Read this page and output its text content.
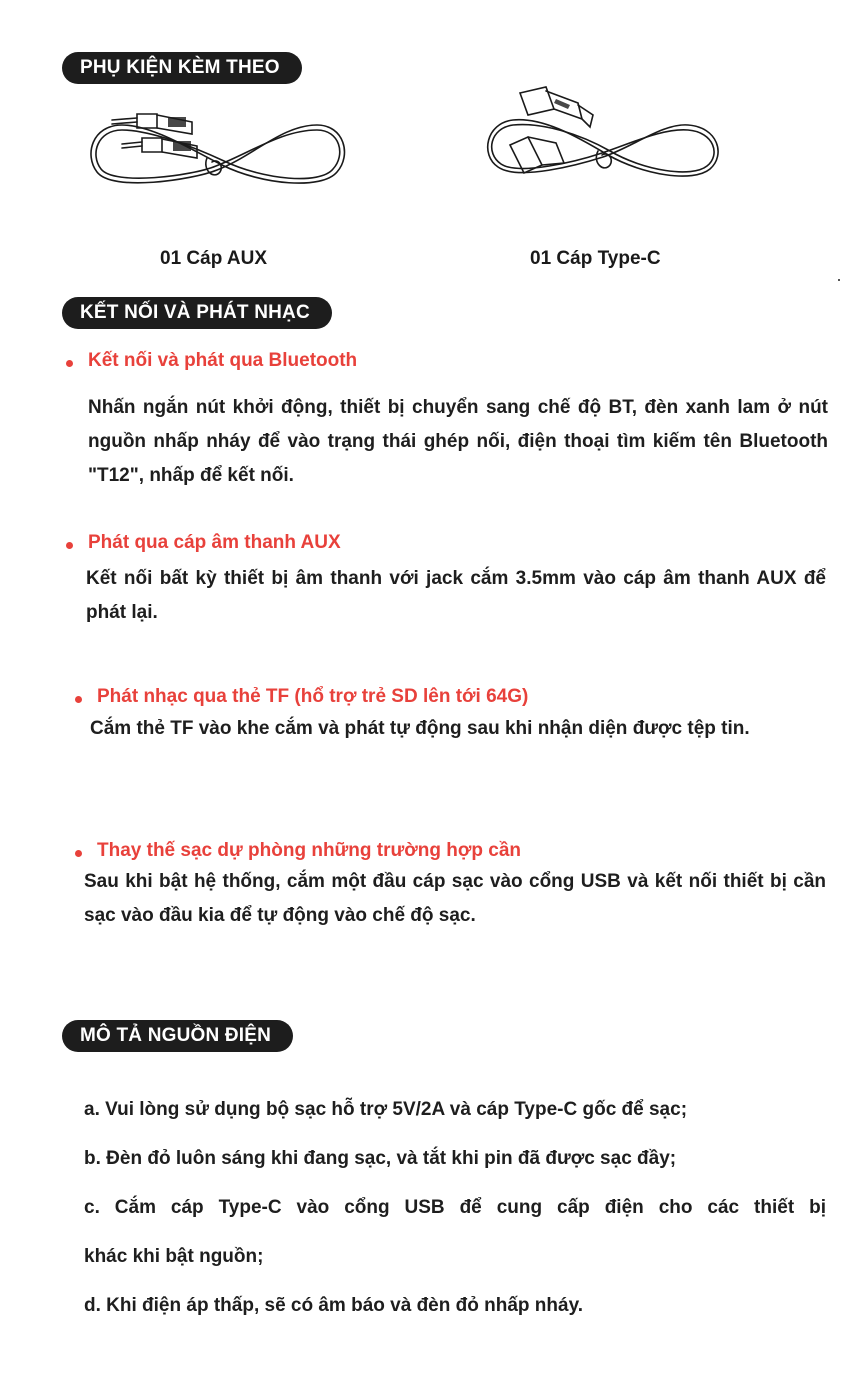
PHỤ KIỆN KÈM THEO
01 Cáp AUX	01 Cáp Type-C
KẾT NỐI VÀ PHÁT NHẠC
Kết nối và phát qua Bluetooth
Nhấn ngắn nút khởi động, thiết bị chuyển sang chế độ BT, đèn xanh lam ở nút nguồn nhấp nháy để vào trạng thái ghép nối, điện thoại tìm kiếm tên Bluetooth "T12", nhấp để kết nối.
Phát qua cáp âm thanh AUX
Kết nối bất kỳ thiết bị âm thanh với jack cắm 3.5mm vào cáp âm thanh AUX để phát lại.
Phát nhạc qua thẻ TF (hổ trợ trẻ SD lên tới 64G)
Cắm thẻ TF vào khe cắm và phát tự động sau khi nhận diện được tệp tin.
Thay thế sạc dự phòng những trường hợp cần
Sau khi bật hệ thống, cắm một đầu cáp sạc vào cổng USB và kết nối thiết bị cần sạc vào đầu kia để tự động vào chế độ sạc.
MÔ TẢ NGUỒN ĐIỆN
a. Vui lòng sử dụng bộ sạc hỗ trợ 5V/2A và cáp Type-C gốc để sạc;
b. Đèn đỏ luôn sáng khi đang sạc, và tắt khi pin đã được sạc đầy;
c. Cắm cáp Type-C vào cổng USB để cung cấp điện cho các thiết bị
khác khi bật nguồn;
d. Khi điện áp thấp, sẽ có âm báo và đèn đỏ nhấp nháy.
